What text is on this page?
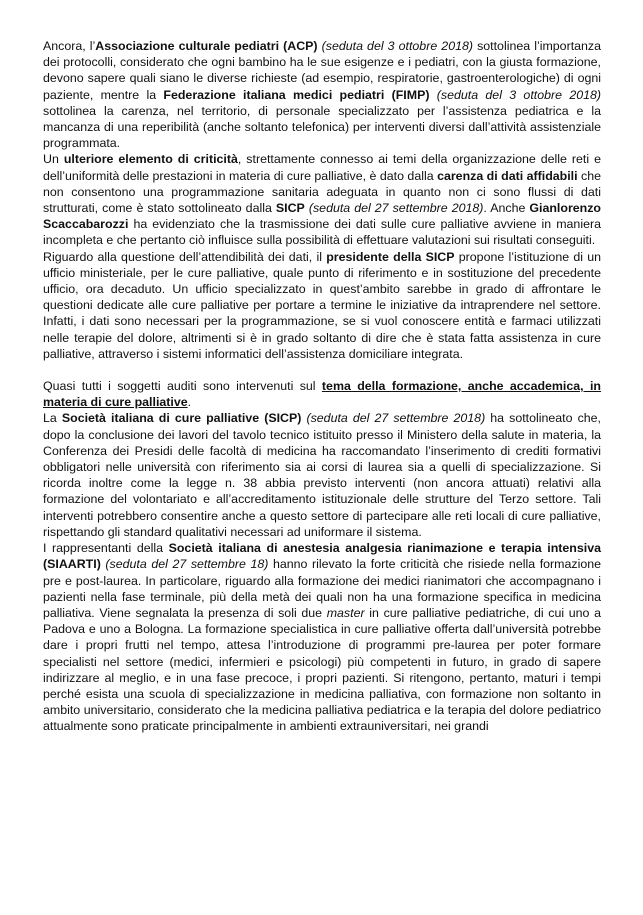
Ancora, l’Associazione culturale pediatri (ACP) (seduta del 3 ottobre 2018) sottolinea l’importanza dei protocolli, considerato che ogni bambino ha le sue esigenze e i pediatri, con la giusta formazione, devono sapere quali siano le diverse richieste (ad esempio, respiratorie, gastroenterologiche) di ogni paziente, mentre la Federazione italiana medici pediatri (FIMP) (seduta del 3 ottobre 2018) sottolinea la carenza, nel territorio, di personale specializzato per l’assistenza pediatrica e la mancanza di una reperibilità (anche soltanto telefonica) per interventi diversi dall’attività assistenziale programmata.

Un ulteriore elemento di criticità, strettamente connesso ai temi della organizzazione delle reti e dell’uniformità delle prestazioni in materia di cure palliative, è dato dalla carenza di dati affidabili che non consentono una programmazione sanitaria adeguata in quanto non ci sono flussi di dati strutturati, come è stato sottolineato dalla SICP (seduta del 27 settembre 2018). Anche Gianlorenzo Scaccabarozzi ha evidenziato che la trasmissione dei dati sulle cure palliative avviene in maniera incompleta e che pertanto ciò influisce sulla possibilità di effettuare valutazioni sui risultati conseguiti.

Riguardo alla questione dell’attendibilità dei dati, il presidente della SICP propone l’istituzione di un ufficio ministeriale, per le cure palliative, quale punto di riferimento e in sostituzione del precedente ufficio, ora decaduto. Un ufficio specializzato in quest’ambito sarebbe in grado di affrontare le questioni dedicate alle cure palliative per portare a termine le iniziative da intraprendere nel settore. Infatti, i dati sono necessari per la programmazione, se si vuol conoscere entità e farmaci utilizzati nelle terapie del dolore, altrimenti si è in grado soltanto di dire che è stata fatta assistenza in cure palliative, attraverso i sistemi informatici dell’assistenza domiciliare integrata.

Quasi tutti i soggetti auditi sono intervenuti sul tema della formazione, anche accademica, in materia di cure palliative.

La Società italiana di cure palliative (SICP) (seduta del 27 settembre 2018) ha sottolineato che, dopo la conclusione dei lavori del tavolo tecnico istituito presso il Ministero della salute in materia, la Conferenza dei Presidi delle facoltà di medicina ha raccomandato l’inserimento di crediti formativi obbligatori nelle università con riferimento sia ai corsi di laurea sia a quelli di specializzazione. Si ricorda inoltre come la legge n. 38 abbia previsto interventi (non ancora attuati) relativi alla formazione del volontariato e all’accreditamento istituzionale delle strutture del Terzo settore. Tali interventi potrebbero consentire anche a questo settore di partecipare alle reti locali di cure palliative, rispettando gli standard qualitativi necessari ad uniformare il sistema.

I rappresentanti della Società italiana di anestesia analgesia rianimazione e terapia intensiva (SIAARTI) (seduta del 27 settembre 18) hanno rilevato la forte criticità che risiede nella formazione pre e post-laurea. In particolare, riguardo alla formazione dei medici rianimatori che accompagnano i pazienti nella fase terminale, più della metà dei quali non ha una formazione specifica in medicina palliativa. Viene segnalata la presenza di soli due master in cure palliative pediatriche, di cui uno a Padova e uno a Bologna. La formazione specialistica in cure palliative offerta dall’università potrebbe dare i propri frutti nel tempo, attesa l’introduzione di programmi pre-laurea per poter formare specialisti nel settore (medici, infermieri e psicologi) più competenti in futuro, in grado di sapere indirizzare al meglio, e in una fase precoce, i propri pazienti. Si ritengono, pertanto, maturi i tempi perché esista una scuola di specializzazione in medicina palliativa, con formazione non soltanto in ambito universitario, considerato che la medicina palliativa pediatrica e la terapia del dolore pediatrico attualmente sono praticate principalmente in ambienti extrauniversitari, nei grandi
